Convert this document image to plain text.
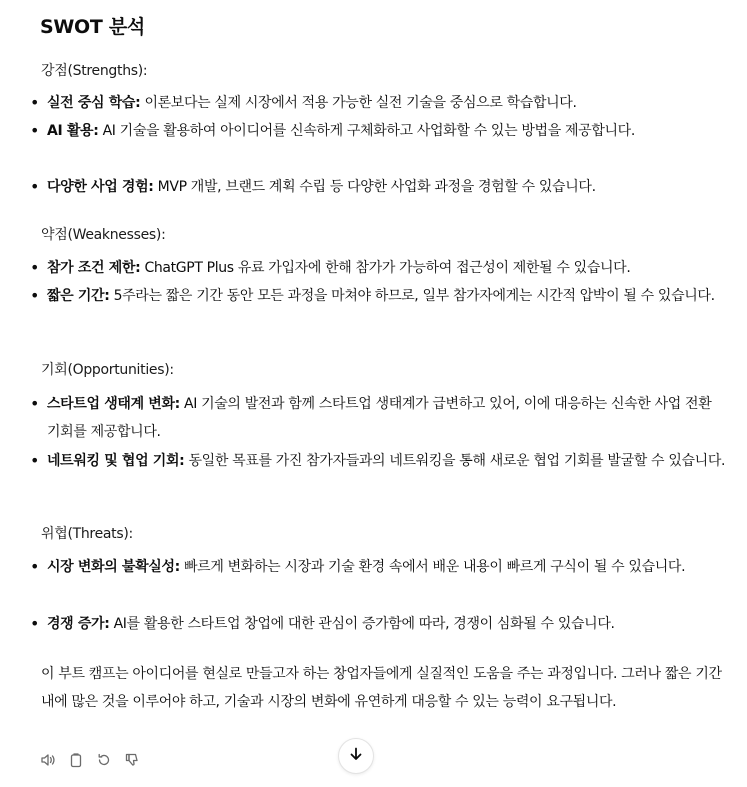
SWOT 분석
강점(Strengths):
• 실전 중심 학습: 이론보다는 실제 시장에서 적용 가능한 실전 기술을 중심으로 학습합니다.
• AI 활용: AI 기술을 활용하여 아이디어를 신속하게 구체화하고 사업화할 수 있는 방법을 제공합니다.
• 다양한 사업 경험: MVP 개발, 브랜드 계획 수립 등 다양한 사업화 과정을 경험할 수 있습니다.
약점(Weaknesses):
• 참가 조건 제한: ChatGPT Plus 유료 가입자에 한해 참가가 가능하여 접근성이 제한될 수 있습니다.
• 짧은 기간: 5주라는 짧은 기간 동안 모든 과정을 마쳐야 하므로, 일부 참가자에게는 시간적 압박이 될 수 있습니다.
기회(Opportunities):
• 스타트업 생태계 변화: AI 기술의 발전과 함께 스타트업 생태계가 급변하고 있어, 이에 대응하는 신속한 사업 전환 기회를 제공합니다.
• 네트워킹 및 협업 기회: 동일한 목표를 가진 참가자들과의 네트워킹을 통해 새로운 협업 기회를 발굴할 수 있습니다.
위협(Threats):
• 시장 변화의 불확실성: 빠르게 변화하는 시장과 기술 환경 속에서 배운 내용이 빠르게 구식이 될 수 있습니다.
• 경쟁 증가: AI를 활용한 스타트업 창업에 대한 관심이 증가함에 따라, 경쟁이 심화될 수 있습니다.
이 부트 캠프는 아이디어를 현실로 만들고자 하는 창업자들에게 실질적인 도움을 주는 과정입니다. 그러나 짧은 기간 내에 많은 것을 이루어야 하고, 기술과 시장의 변화에 유연하게 대응할 수 있는 능력이 요구됩니다.
